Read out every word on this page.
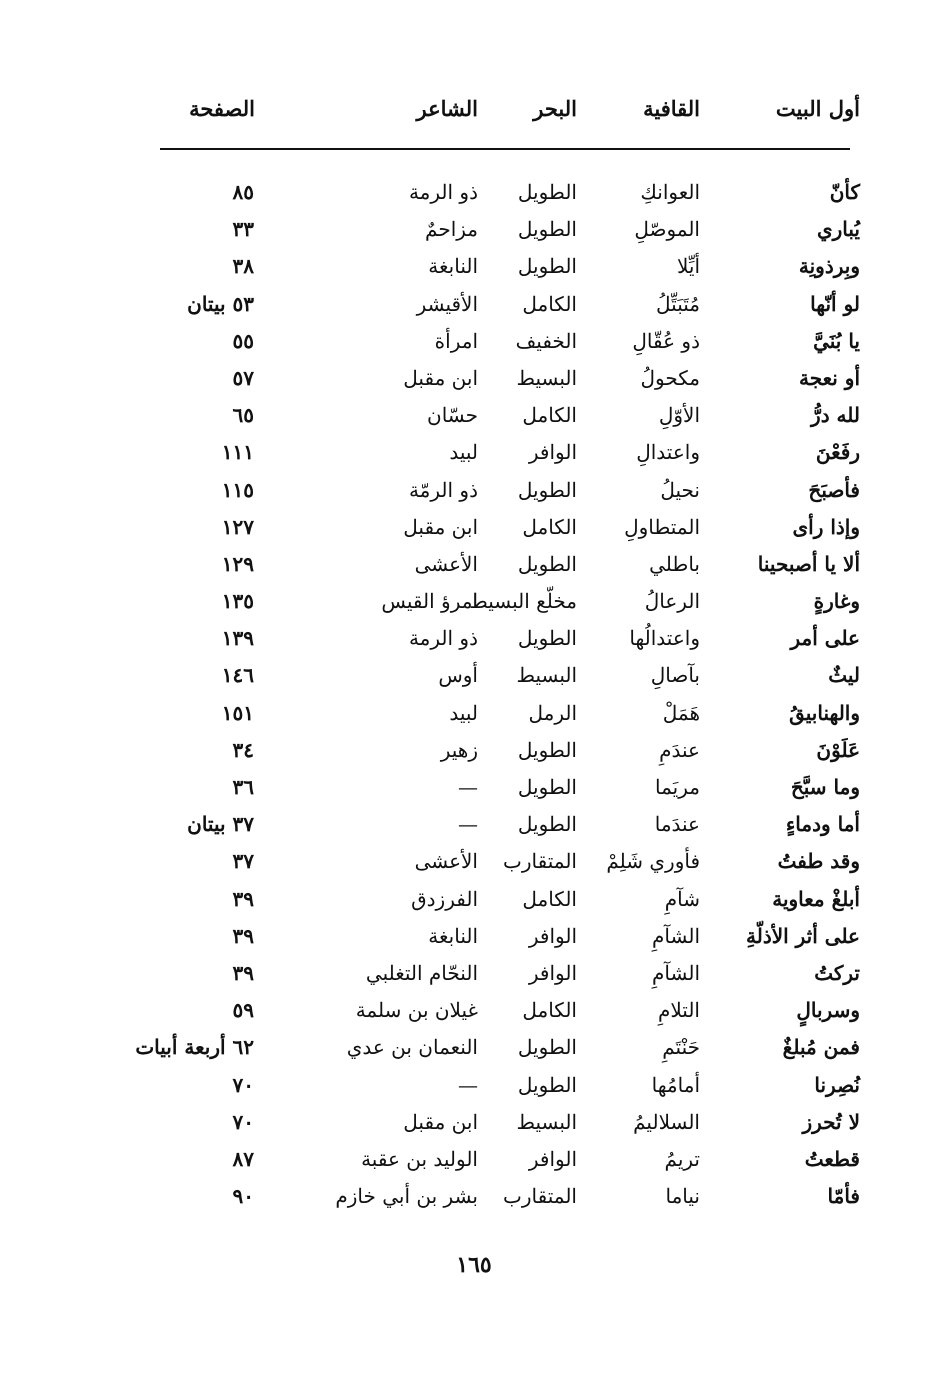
أول البيت
القافية
البحر
الشاعر
الصفحة
كأنّ
العوانكِ
الطويل
ذو الرمة
٨٥
يُباري
الموصّلِ
الطويل
مزاحمٌ
٣٣
وبِرذونِة
أيِّلا
الطويل
النابغة
٣٨
لو أنّها
مُتَبَتِّلُ
الكامل
الأقيشر
٥٣ بيتان
يا بُنَيَّ
ذو عُقّالِ
الخفيف
امرأة
٥٥
أو نعجة
مكحولُ
البسيط
ابن مقبل
٥٧
لله درُّ
الأوّلِ
الكامل
حسّان
٦٥
رفَعْنَ
واعتدالِ
الوافر
لبيد
١١١
فأصبَحَ
نحيلُ
الطويل
ذو الرمّة
١١٥
وإذا رأى
المتطاولِ
الكامل
ابن مقبل
١٢٧
ألا يا أصبحينا
باطلي
الطويل
الأعشى
١٢٩
وغارةٍ
الرعالُ
مخلّع البسيط
امرؤ القيس
١٣٥
على أمر
واعتدالُها
الطويل
ذو الرمة
١٣٩
ليثٌ
بآصالِ
البسيط
أوس
١٤٦
والهنابيقُ
هَمَلْ
الرمل
لبيد
١٥١
عَلَوْنَ
عندَمِ
الطويل
زهير
٣٤
وما سبَّحَ
مريَما
الطويل
—
٣٦
أما ودماءٍ
عندَما
الطويل
—
٣٧ بيتان
وقد طفتُ
فأوري شَلِمْ
المتقارب
الأعشى
٣٧
أبلغْ معاوية
شآمِ
الكامل
الفرزدق
٣٩
على أثر الأذلّةِ
الشآمِ
الوافر
النابغة
٣٩
تركتُ
الشآمِ
الوافر
النحّام التغلبي
٣٩
وسربالٍ
التلامِ
الكامل
غيلان بن سلمة
٥٩
فمن مُبلغٌ
حَنْتَمِ
الطويل
النعمان بن عدي
٦٢ أربعة أبيات
نُصِرنا
أمامُها
الطويل
—
٧٠
لا تُحرز
السلاليمُ
البسيط
ابن مقبل
٧٠
قطعتُ
تريمُ
الوافر
الوليد بن عقبة
٨٧
فأمّا
نياما
المتقارب
بشر بن أبي خازم
٩٠
١٦٥
